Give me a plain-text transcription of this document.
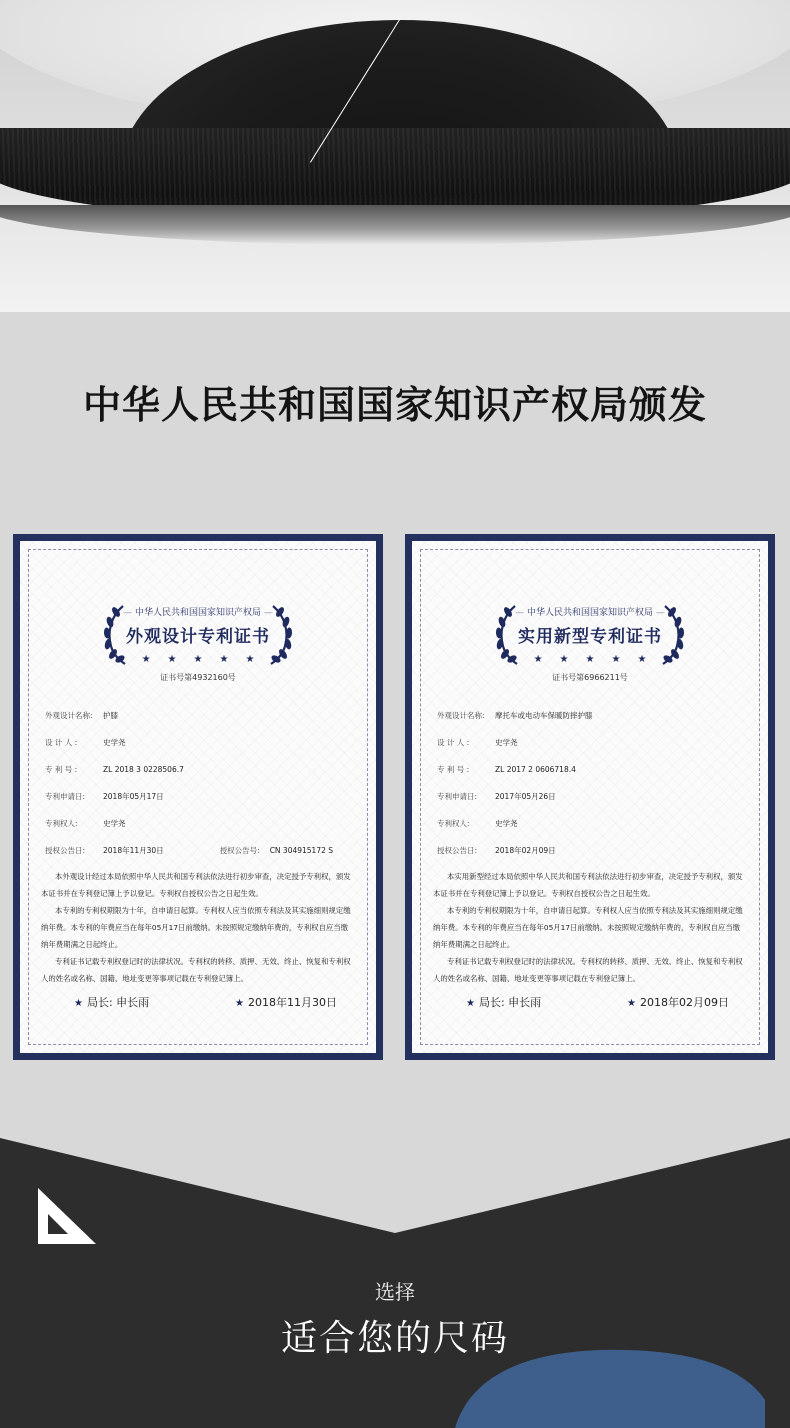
中华人民共和国国家知识产权局颁发
— 中华人民共和国国家知识产权局 —
外观设计专利证书
★★★★★
证书号第4932160号
外观设计名称:	护膝
设 计 人 :	史学尧
专 利 号 :	ZL 2018 3 0228506.7
专利申请日:	2018年05月17日
专利权人:	史学尧
授权公告日:	2018年11月30日	授权公告号:	CN 304915172 S

本外观设计经过本局依照中华人民共和国专利法依法进行初步审查，决定授予专利权，颁发本证书并在专利登记簿上予以登记。专利权自授权公告之日起生效。

本专利的专利权期限为十年，自申请日起算。专利权人应当依照专利法及其实施细则规定缴纳年费。本专利的年费应当在每年05月17日前缴纳。未按照规定缴纳年费的，专利权自应当缴纳年费期满之日起终止。

专利证书记载专利权登记时的法律状况。专利权的转移、质押、无效、终止、恢复和专利权人的姓名或名称、国籍、地址变更等事项记载在专利登记簿上。

★ 局长: 申长雨	★ 2018年11月30日
— 中华人民共和国国家知识产权局 —
实用新型专利证书
★★★★★
证书号第6966211号
外观设计名称:	摩托车或电动车保暖防摔护膝
设 计 人 :	史学尧
专 利 号 :	ZL 2017 2 0606718.4
专利申请日:	2017年05月26日
专利权人:	史学尧
授权公告日:	2018年02月09日

本实用新型经过本局依照中华人民共和国专利法依法进行初步审查，决定授予专利权，颁发本证书并在专利登记簿上予以登记。专利权自授权公告之日起生效。

本专利的专利权期限为十年，自申请日起算。专利权人应当依照专利法及其实施细则规定缴纳年费。本专利的年费应当在每年05月17日前缴纳。未按照规定缴纳年费的，专利权自应当缴纳年费期满之日起终止。

专利证书记载专利权登记时的法律状况。专利权的转移、质押、无效、终止、恢复和专利权人的姓名或名称、国籍、地址变更等事项记载在专利登记簿上。

★ 局长: 申长雨	★ 2018年02月09日
选择
适合您的尺码
